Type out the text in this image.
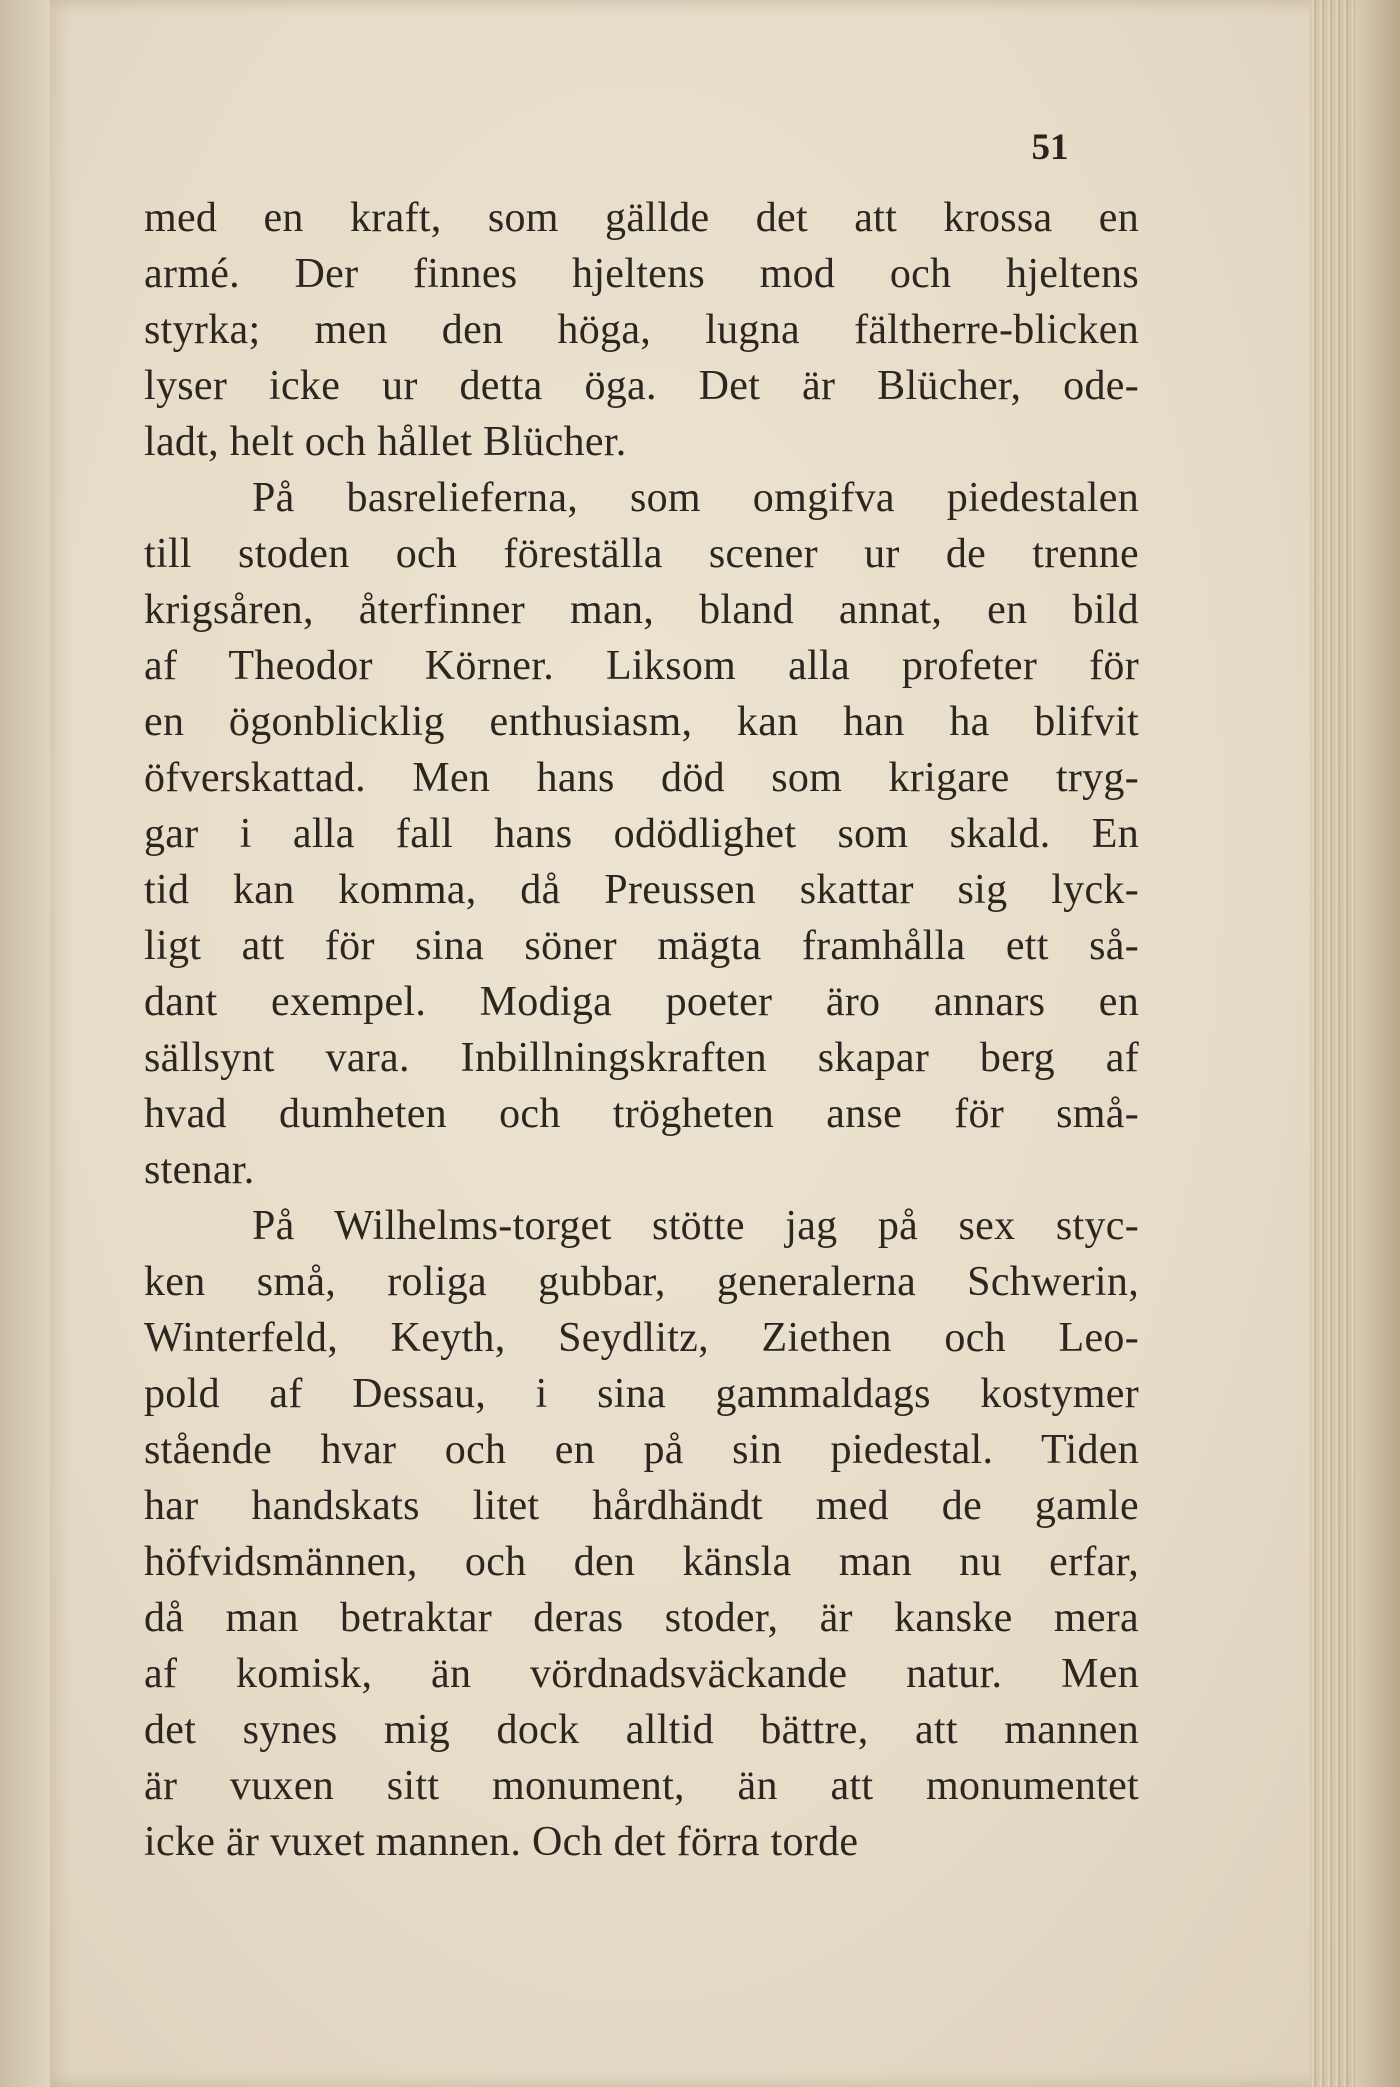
51

med en kraft, som gällde det att krossa en
armé. Der finnes hjeltens mod och hjeltens
styrka; men den höga, lugna fältherre-blicken
lyser icke ur detta öga. Det är Blücher, ode-
ladt, helt och hållet Blücher.
På basrelieferna, som omgifva piedestalen
till stoden och föreställa scener ur de trenne
krigsåren, återfinner man, bland annat, en bild
af Theodor Körner. Liksom alla profeter för
en ögonblicklig enthusiasm, kan han ha blifvit
öfverskattad. Men hans död som krigare tryg-
gar i alla fall hans odödlighet som skald. En
tid kan komma, då Preussen skattar sig lyck-
ligt att för sina söner mägta framhålla ett så-
dant exempel. Modiga poeter äro annars en
sällsynt vara. Inbillningskraften skapar berg af
hvad dumheten och trögheten anse för små-
stenar.
På Wilhelms-torget stötte jag på sex styc-
ken små, roliga gubbar, generalerna Schwerin,
Winterfeld, Keyth, Seydlitz, Ziethen och Leo-
pold af Dessau, i sina gammaldags kostymer
stående hvar och en på sin piedestal. Tiden
har handskats litet hårdhändt med de gamle
höfvidsmännen, och den känsla man nu erfar,
då man betraktar deras stoder, är kanske mera
af komisk, än vördnadsväckande natur. Men
det synes mig dock alltid bättre, att mannen
är vuxen sitt monument, än att monumentet
icke är vuxet mannen. Och det förra torde
